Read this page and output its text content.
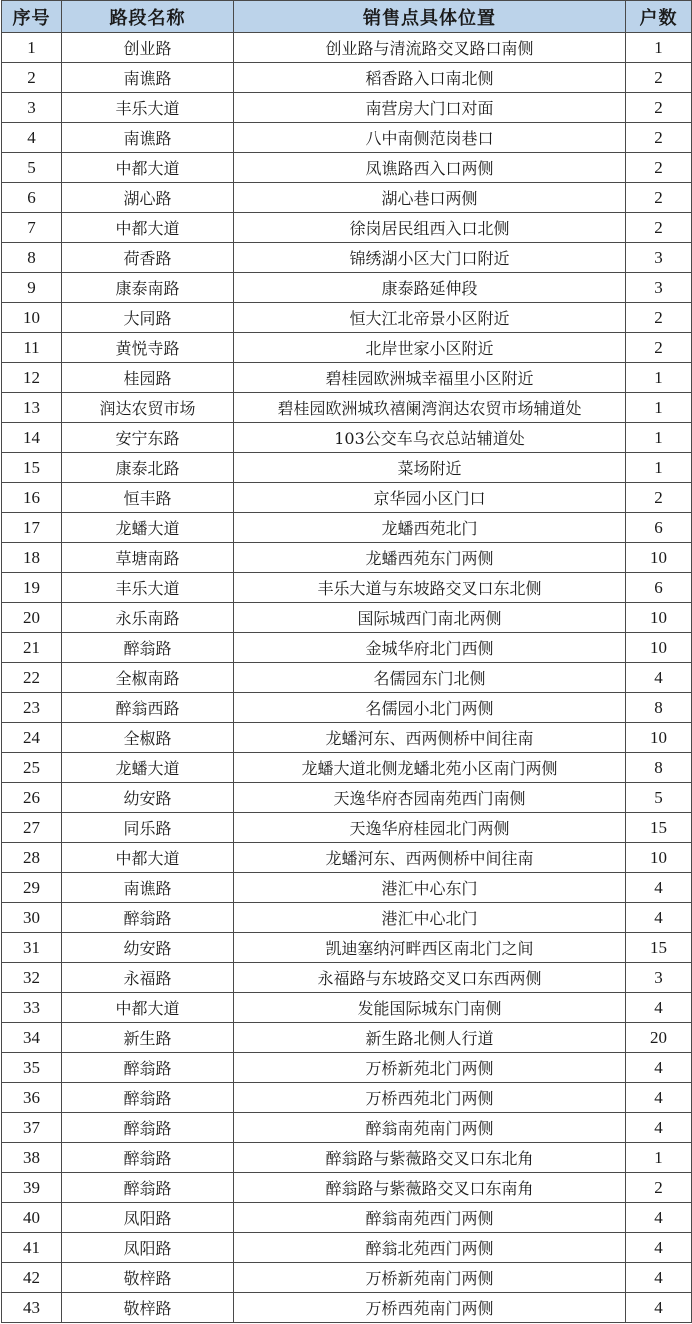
序号	路段名称	销售点具体位置	户数
1	创业路	创业路与清流路交叉路口南侧	1
2	南谯路	稻香路入口南北侧	2
3	丰乐大道	南营房大门口对面	2
4	南谯路	八中南侧范岗巷口	2
5	中都大道	凤谯路西入口两侧	2
6	湖心路	湖心巷口两侧	2
7	中都大道	徐岗居民组西入口北侧	2
8	荷香路	锦绣湖小区大门口附近	3
9	康泰南路	康泰路延伸段	3
10	大同路	恒大江北帝景小区附近	2
11	黄悦寺路	北岸世家小区附近	2
12	桂园路	碧桂园欧洲城幸福里小区附近	1
13	润达农贸市场	碧桂园欧洲城玖禧阑湾润达农贸市场辅道处	1
14	安宁东路	103公交车乌衣总站辅道处	1
15	康泰北路	菜场附近	1
16	恒丰路	京华园小区门口	2
17	龙蟠大道	龙蟠西苑北门	6
18	草塘南路	龙蟠西苑东门两侧	10
19	丰乐大道	丰乐大道与东坡路交叉口东北侧	6
20	永乐南路	国际城西门南北两侧	10
21	醉翁路	金城华府北门西侧	10
22	全椒南路	名儒园东门北侧	4
23	醉翁西路	名儒园小北门两侧	8
24	全椒路	龙蟠河东、西两侧桥中间往南	10
25	龙蟠大道	龙蟠大道北侧龙蟠北苑小区南门两侧	8
26	幼安路	天逸华府杏园南苑西门南侧	5
27	同乐路	天逸华府桂园北门两侧	15
28	中都大道	龙蟠河东、西两侧桥中间往南	10
29	南谯路	港汇中心东门	4
30	醉翁路	港汇中心北门	4
31	幼安路	凯迪塞纳河畔西区南北门之间	15
32	永福路	永福路与东坡路交叉口东西两侧	3
33	中都大道	发能国际城东门南侧	4
34	新生路	新生路北侧人行道	20
35	醉翁路	万桥新苑北门两侧	4
36	醉翁路	万桥西苑北门两侧	4
37	醉翁路	醉翁南苑南门两侧	4
38	醉翁路	醉翁路与紫薇路交叉口东北角	1
39	醉翁路	醉翁路与紫薇路交叉口东南角	2
40	凤阳路	醉翁南苑西门两侧	4
41	凤阳路	醉翁北苑西门两侧	4
42	敬梓路	万桥新苑南门两侧	4
43	敬梓路	万桥西苑南门两侧	4
